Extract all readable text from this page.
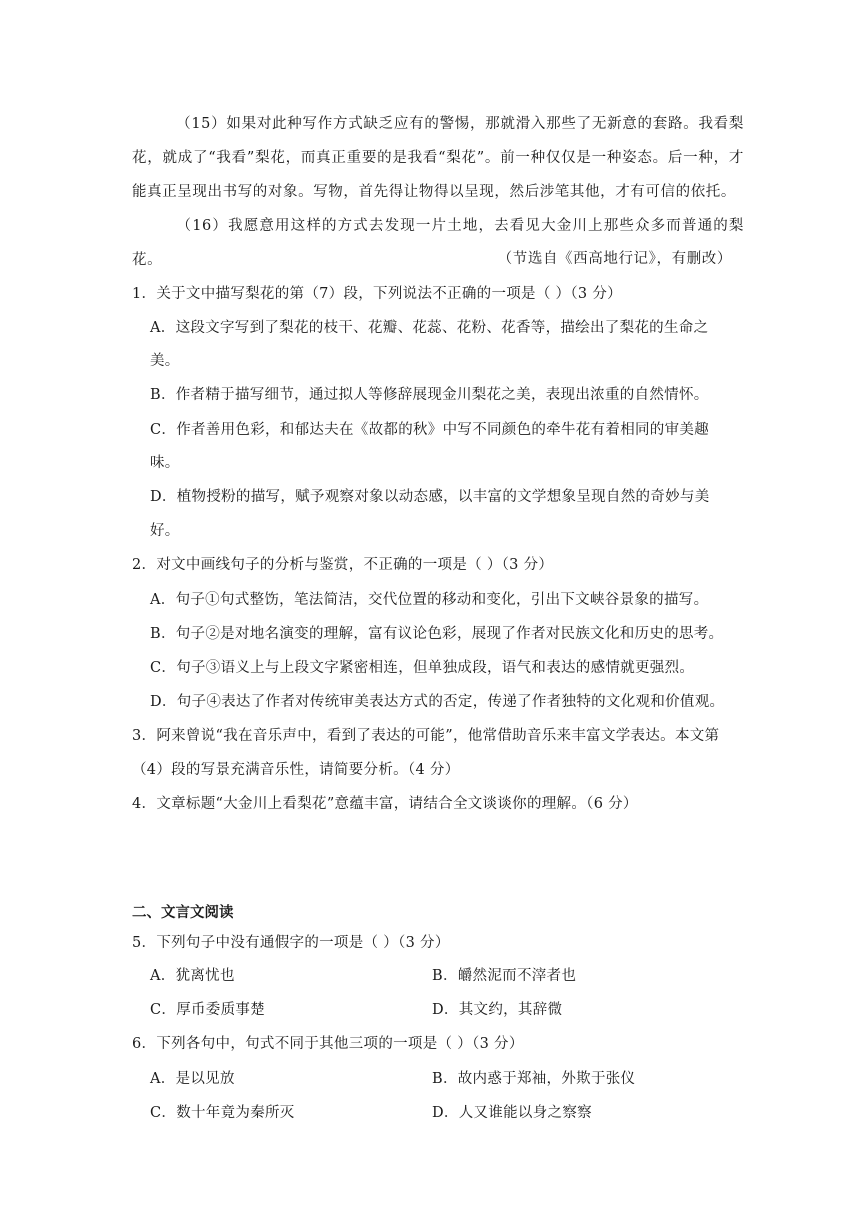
（15）如果对此种写作方式缺乏应有的警惕，那就滑入那些了无新意的套路。我看梨花，就成了“我看”梨花，而真正重要的是我看“梨花”。前一种仅仅是一种姿态。后一种，才能真正呈现出书写的对象。写物，首先得让物得以呈现，然后涉笔其他，才有可信的依托。
（16）我愿意用这样的方式去发现一片土地，去看见大金川上那些众多而普通的梨花。	（节选自《西高地行记》，有删改）
1．关于文中描写梨花的第（7）段，下列说法不正确的一项是（ ）（3 分）
A．这段文字写到了梨花的枝干、花瓣、花蕊、花粉、花香等，描绘出了梨花的生命之
美。
B．作者精于描写细节，通过拟人等修辞展现金川梨花之美，表现出浓重的自然情怀。
C．作者善用色彩，和郁达夫在《故都的秋》中写不同颜色的牵牛花有着相同的审美趣
味。
D．植物授粉的描写，赋予观察对象以动态感，以丰富的文学想象呈现自然的奇妙与美
好。
2．对文中画线句子的分析与鉴赏，不正确的一项是（ ）（3 分）
A．句子①句式整饬，笔法简洁，交代位置的移动和变化，引出下文峡谷景象的描写。
B．句子②是对地名演变的理解，富有议论色彩，展现了作者对民族文化和历史的思考。
C．句子③语义上与上段文字紧密相连，但单独成段，语气和表达的感情就更强烈。
D．句子④表达了作者对传统审美表达方式的否定，传递了作者独特的文化观和价值观。
3．阿来曾说“我在音乐声中，看到了表达的可能”，他常借助音乐来丰富文学表达。本文第
（4）段的写景充满音乐性，请简要分析。（4 分）
4．文章标题“大金川上看梨花”意蕴丰富，请结合全文谈谈你的理解。（6 分）
二、文言文阅读
5．下列句子中没有通假字的一项是（ ）（3 分）
A．犹离忧也	B．皭然泥而不滓者也
C．厚币委质事楚	D．其文约，其辞微
6．下列各句中，句式不同于其他三项的一项是（ ）（3 分）
A．是以见放	B．故内惑于郑袖，外欺于张仪
C．数十年竟为秦所灭	D．人又谁能以身之察察
